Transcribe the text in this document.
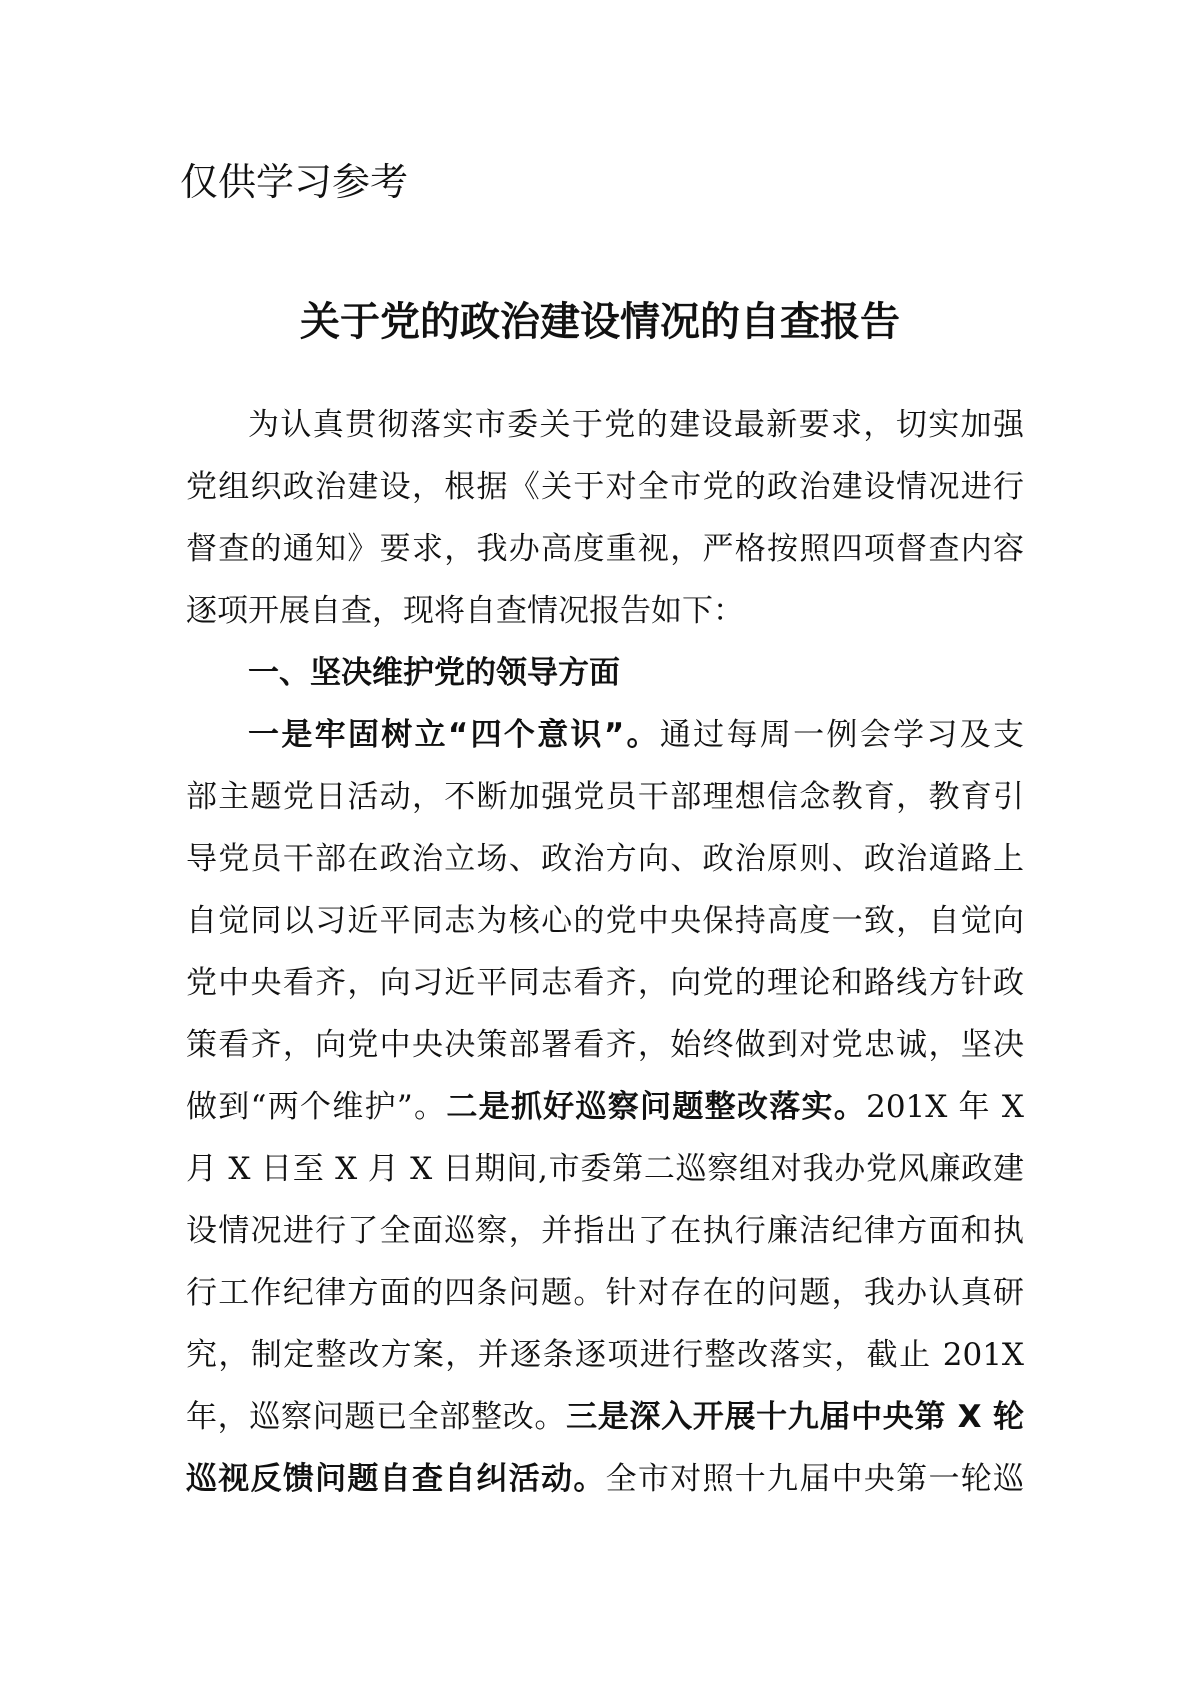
仅供学习参考
关于党的政治建设情况的自查报告
为认真贯彻落实市委关于党的建设最新要求，切实加强
党组织政治建设，根据《关于对全市党的政治建设情况进行
督查的通知》要求，我办高度重视，严格按照四项督查内容
逐项开展自查，现将自查情况报告如下：
一、坚决维护党的领导方面
一是牢固树立“四个意识”。通过每周一例会学习及支
部主题党日活动，不断加强党员干部理想信念教育，教育引
导党员干部在政治立场、政治方向、政治原则、政治道路上
自觉同以习近平同志为核心的党中央保持高度一致，自觉向
党中央看齐，向习近平同志看齐，向党的理论和路线方针政
策看齐，向党中央决策部署看齐，始终做到对党忠诚，坚决
做到“两个维护”。二是抓好巡察问题整改落实。201X 年 X
月 X 日至 X 月 X 日期间,市委第二巡察组对我办党风廉政建
设情况进行了全面巡察，并指出了在执行廉洁纪律方面和执
行工作纪律方面的四条问题。针对存在的问题，我办认真研
究，制定整改方案，并逐条逐项进行整改落实，截止 201X
年，巡察问题已全部整改。三是深入开展十九届中央第 X 轮
巡视反馈问题自查自纠活动。全市对照十九届中央第一轮巡
